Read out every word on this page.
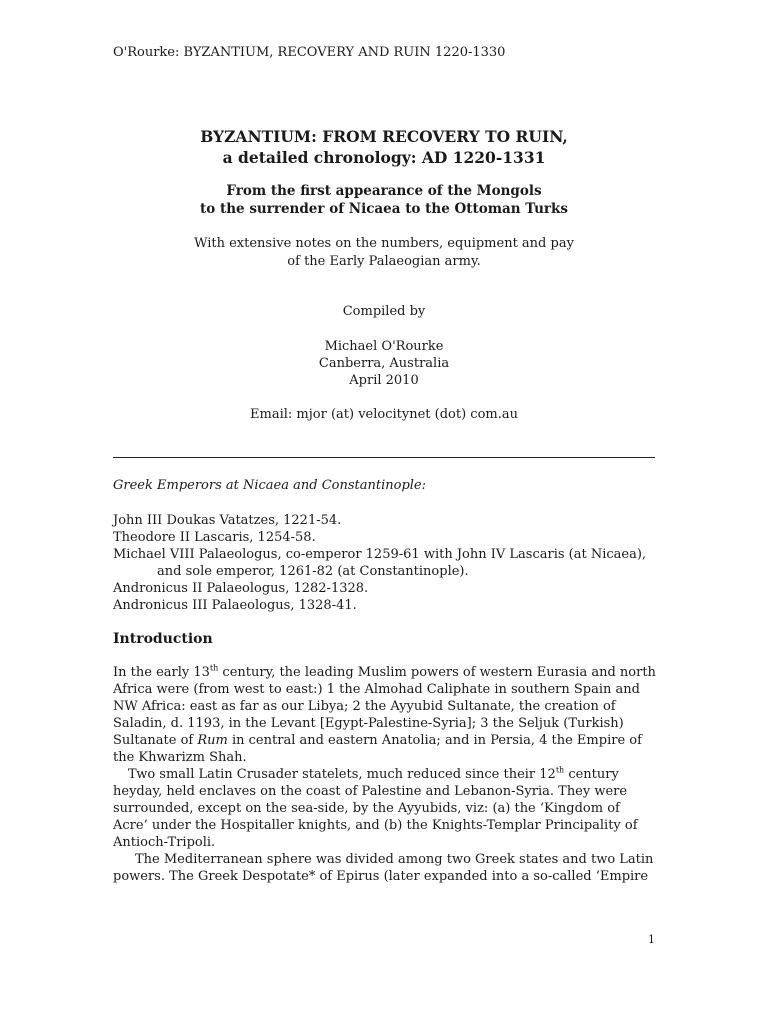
O'Rourke: BYZANTIUM, RECOVERY AND RUIN 1220-1330
BYZANTIUM: FROM RECOVERY TO RUIN,
a detailed chronology: AD 1220-1331
From the first appearance of the Mongols
to the surrender of Nicaea to the Ottoman Turks
With extensive notes on the numbers, equipment and pay
of the Early Palaeogian army.
Compiled by
Michael O'Rourke
Canberra, Australia
April 2010
Email: mjor (at) velocitynet (dot) com.au
Greek Emperors at Nicaea and Constantinople:
John III Doukas Vatatzes, 1221-54.
Theodore II Lascaris, 1254-58.
Michael VIII Palaeologus, co-emperor 1259-61 with John IV Lascaris (at Nicaea),
and sole emperor, 1261-82 (at Constantinople).
Andronicus II Palaeologus, 1282-1328.
Andronicus III Palaeologus, 1328-41.
Introduction
In the early 13th century, the leading Muslim powers of western Eurasia and north
Africa were (from west to east:) 1 the Almohad Caliphate in southern Spain and
NW Africa: east as far as our Libya; 2 the Ayyubid Sultanate, the creation of
Saladin, d. 1193, in the Levant [Egypt-Palestine-Syria]; 3 the Seljuk (Turkish)
Sultanate of Rum in central and eastern Anatolia; and in Persia, 4 the Empire of
the Khwarizm Shah.
Two small Latin Crusader statelets, much reduced since their 12th century
heyday, held enclaves on the coast of Palestine and Lebanon-Syria. They were
surrounded, except on the sea-side, by the Ayyubids, viz: (a) the ‘Kingdom of
Acre’ under the Hospitaller knights, and (b) the Knights-Templar Principality of
Antioch-Tripoli.
The Mediterranean sphere was divided among two Greek states and two Latin
powers. The Greek Despotate* of Epirus (later expanded into a so-called ‘Empire
1
